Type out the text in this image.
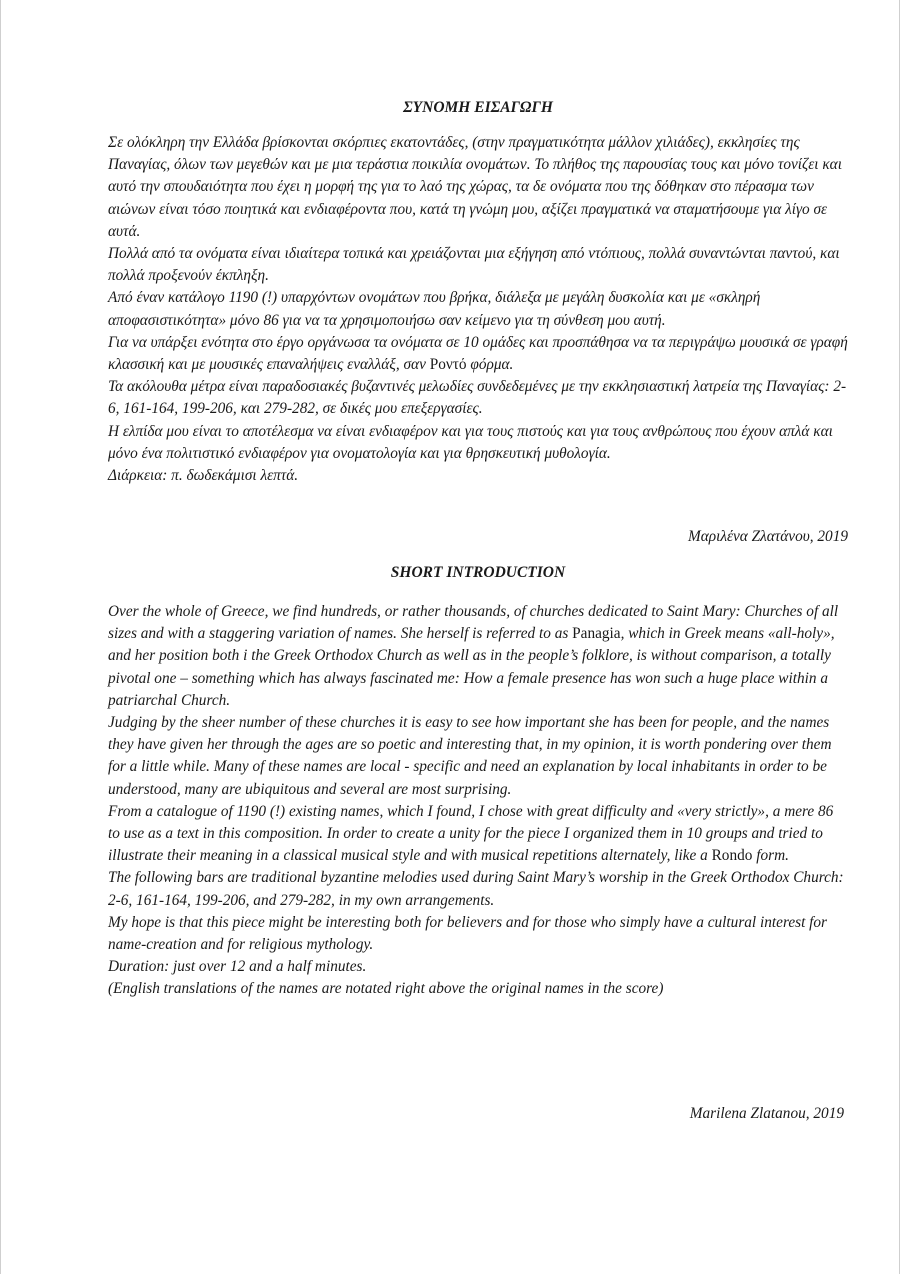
ΣΥΝΟΜΗ ΕΙΣΑΓΩΓΗ

Σε ολόκληρη την Ελλάδα βρίσκονται σκόρπιες εκατοντάδες, (στην πραγματικότητα μάλλον χιλιάδες), εκκλησίες της Παναγίας, όλων των μεγεθών και με μια τεράστια ποικιλία ονομάτων. Το πλήθος της παρουσίας τους και μόνο τονίζει και αυτό την σπουδαιότητα που έχει η μορφή της για το λαό της χώρας, τα δε ονόματα που της δόθηκαν στο πέρασμα των αιώνων είναι τόσο ποιητικά και ενδιαφέροντα που, κατά τη γνώμη μου, αξίζει πραγματικά να σταματήσουμε για λίγο σε αυτά.

Πολλά από τα ονόματα είναι ιδιαίτερα τοπικά και χρειάζονται μια εξήγηση από ντόπιους, πολλά συναντώνται παντού, και πολλά προξενούν έκπληξη.

Από έναν κατάλογο 1190 (!) υπαρχόντων ονομάτων που βρήκα, διάλεξα με μεγάλη δυσκολία και με «σκληρή αποφασιστικότητα» μόνο 86 για να τα χρησιμοποιήσω σαν κείμενο για τη σύνθεση μου αυτή.

Για να υπάρξει ενότητα στο έργο οργάνωσα τα ονόματα σε 10 ομάδες και προσπάθησα να τα περιγράψω μουσικά σε γραφή κλασσική και με μουσικές επαναλήψεις εναλλάξ, σαν Ροντό φόρμα.

Τα ακόλουθα μέτρα είναι παραδοσιακές βυζαντινές μελωδίες συνδεδεμένες με την εκκλησιαστική λατρεία της Παναγίας: 2-6, 161-164, 199-206, και 279-282, σε δικές μου επεξεργασίες.

Η ελπίδα μου είναι το αποτέλεσμα να είναι ενδιαφέρον και για τους πιστούς και για τους ανθρώπους που έχουν απλά και μόνο ένα πολιτιστικό ενδιαφέρον για ονοματολογία και για θρησκευτική μυθολογία.

Διάρκεια: π. δωδεκάμισι λεπτά.

Μαριλένα Ζλατάνου, 2019

SHORT INTRODUCTION

Over the whole of Greece, we find hundreds, or rather thousands, of churches dedicated to Saint Mary: Churches of all sizes and with a staggering variation of names. She herself is referred to as Panagia, which in Greek means «all-holy», and her position both i the Greek Orthodox Church as well as in the people’s folklore, is without comparison, a totally pivotal one – something which has always fascinated me: How a female presence has won such a huge place within a patriarchal Church.

Judging by the sheer number of these churches it is easy to see how important she has been for people, and the names they have given her through the ages are so poetic and interesting that, in my opinion, it is worth pondering over them for a little while. Many of these names are local - specific and need an explanation by local inhabitants in order to be understood, many are ubiquitous and several are most surprising.

From a catalogue of 1190 (!) existing names, which I found, I chose with great difficulty and «very strictly», a mere 86 to use as a text in this composition. In order to create a unity for the piece I organized them in 10 groups and tried to illustrate their meaning in a classical musical style and with musical repetitions alternately, like a Rondo form.

The following bars are traditional byzantine melodies used during Saint Mary’s worship in the Greek Orthodox Church: 2-6, 161-164, 199-206, and 279-282, in my own arrangements.

My hope is that this piece might be interesting both for believers and for those who simply have a cultural interest for name-creation and for religious mythology.

Duration: just over 12 and a half minutes.

(English translations of the names are notated right above the original names in the score)

Marilena Zlatanou, 2019
